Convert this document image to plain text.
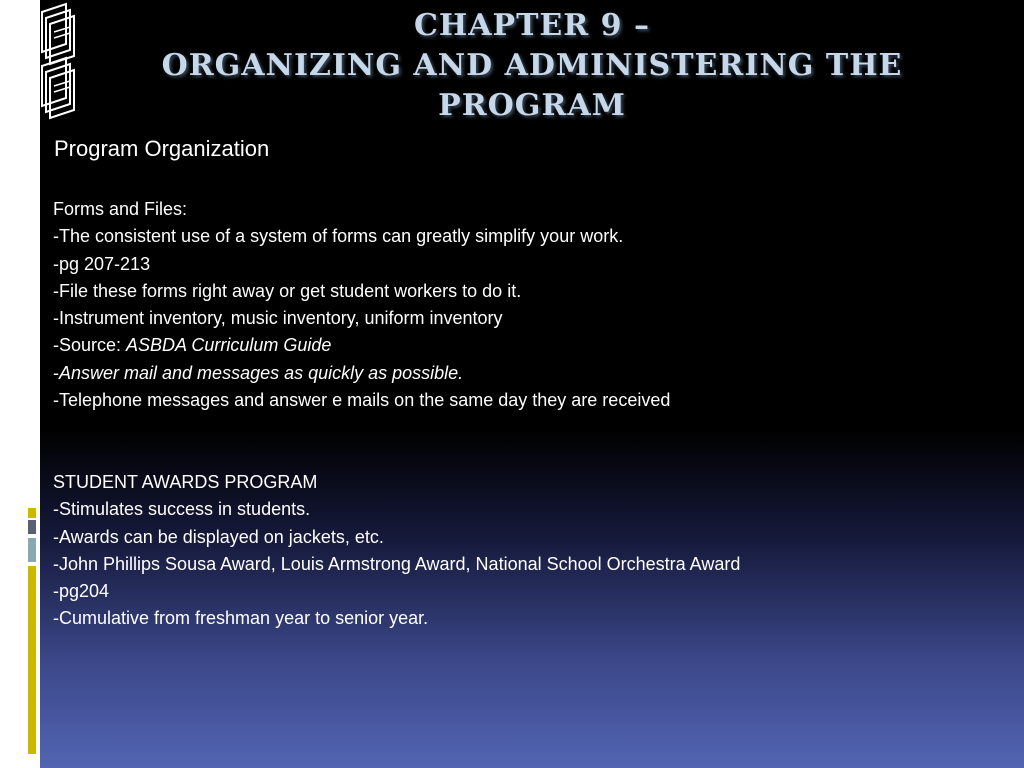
CHAPTER 9 –
ORGANIZING AND ADMINISTERING THE
PROGRAM
Program Organization
Forms and Files:
-The consistent use of a system of forms can greatly simplify your work.
-pg 207-213
-File these forms right away or get student workers to do it.
-Instrument inventory, music inventory, uniform inventory
-Source: ASBDA Curriculum Guide
-Answer mail and messages as quickly as possible.
-Telephone messages and answer e mails on the same day they are received
STUDENT AWARDS PROGRAM
-Stimulates success in students.
-Awards can be displayed on jackets, etc.
-John Phillips Sousa Award, Louis Armstrong Award, National School Orchestra Award
-pg204
-Cumulative from freshman year to senior year.
